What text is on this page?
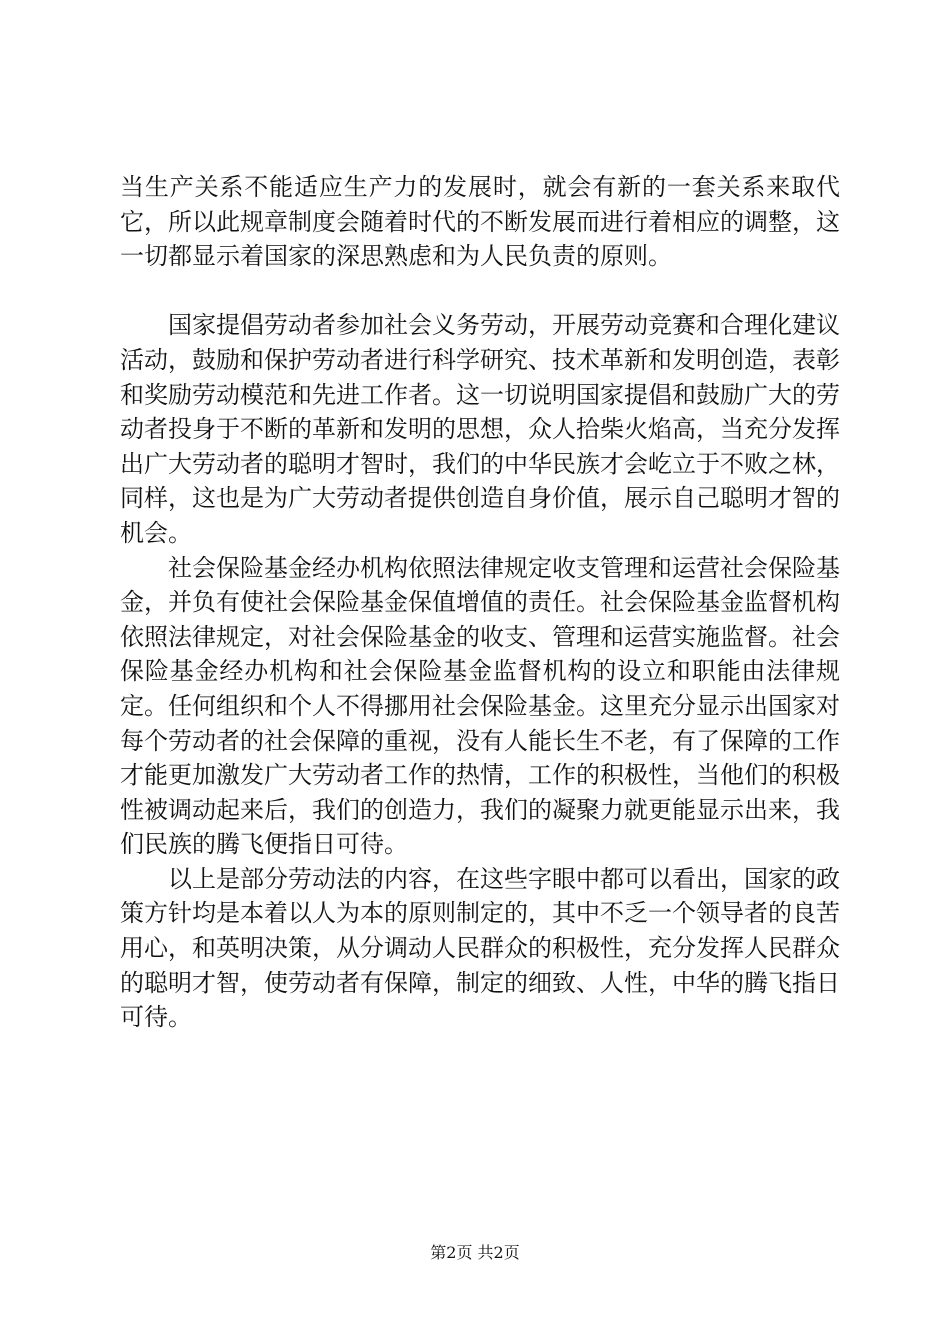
当生产关系不能适应生产力的发展时，就会有新的一套关系来取代它，所以此规章制度会随着时代的不断发展而进行着相应的调整，这一切都显示着国家的深思熟虑和为人民负责的原则。

国家提倡劳动者参加社会义务劳动，开展劳动竞赛和合理化建议活动，鼓励和保护劳动者进行科学研究、技术革新和发明创造，表彰和奖励劳动模范和先进工作者。这一切说明国家提倡和鼓励广大的劳动者投身于不断的革新和发明的思想，众人拾柴火焰高，当充分发挥出广大劳动者的聪明才智时，我们的中华民族才会屹立于不败之林，同样，这也是为广大劳动者提供创造自身价值，展示自己聪明才智的机会。

社会保险基金经办机构依照法律规定收支管理和运营社会保险基金，并负有使社会保险基金保值增值的责任。社会保险基金监督机构依照法律规定，对社会保险基金的收支、管理和运营实施监督。社会保险基金经办机构和社会保险基金监督机构的设立和职能由法律规定。任何组织和个人不得挪用社会保险基金。这里充分显示出国家对每个劳动者的社会保障的重视，没有人能长生不老，有了保障的工作才能更加激发广大劳动者工作的热情，工作的积极性，当他们的积极性被调动起来后，我们的创造力，我们的凝聚力就更能显示出来，我们民族的腾飞便指日可待。

以上是部分劳动法的内容，在这些字眼中都可以看出，国家的政策方针均是本着以人为本的原则制定的，其中不乏一个领导者的良苦用心，和英明决策，从分调动人民群众的积极性，充分发挥人民群众的聪明才智，使劳动者有保障，制定的细致、人性，中华的腾飞指日可待。

第2页 共2页
